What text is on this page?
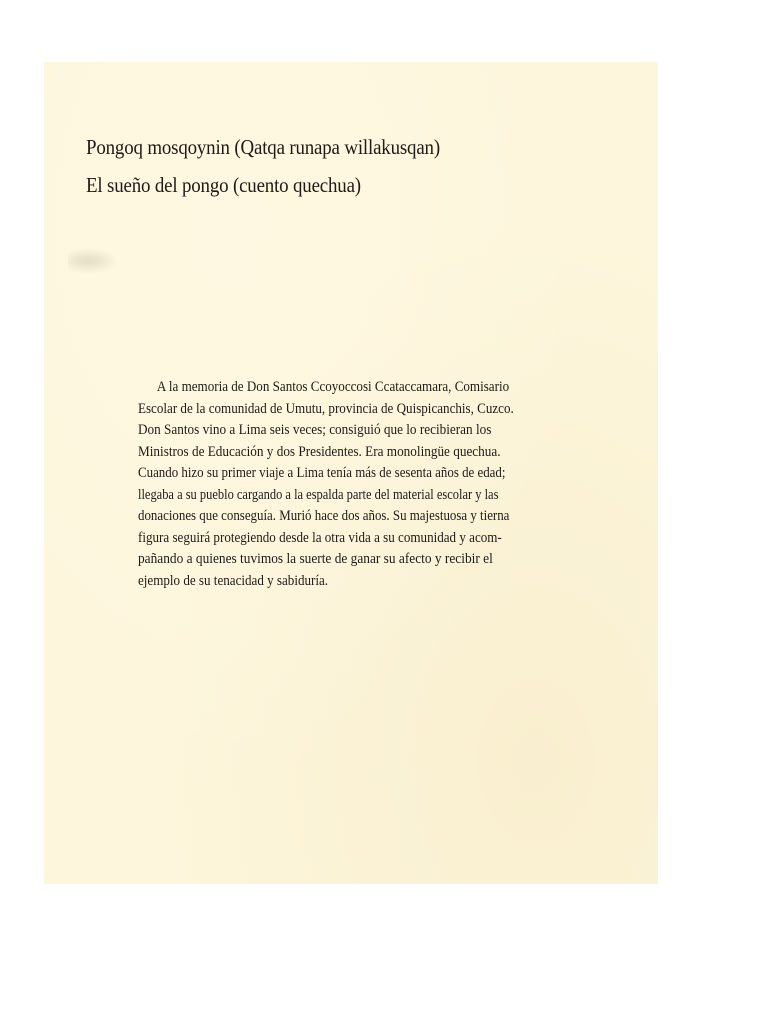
Pongoq mosqoynin (Qatqa runapa willakusqan)
El sueño del pongo (cuento quechua)
A la memoria de Don Santos Ccoyoccosi Ccataccamara, Comisario
Escolar de la comunidad de Umutu, provincia de Quispicanchis, Cuzco.
Don Santos vino a Lima seis veces; consiguió que lo recibieran los
Ministros de Educación y dos Presidentes. Era monolingüe quechua.
Cuando hizo su primer viaje a Lima tenía más de sesenta años de edad;
llegaba a su pueblo cargando a la espalda parte del material escolar y las
donaciones que conseguía. Murió hace dos años. Su majestuosa y tierna
figura seguirá protegiendo desde la otra vida a su comunidad y acom-
pañando a quienes tuvimos la suerte de ganar su afecto y recibir el
ejemplo de su tenacidad y sabiduría.
